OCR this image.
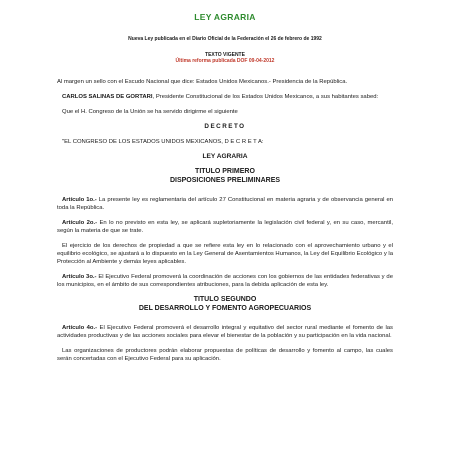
LEY AGRARIA
Nueva Ley publicada en el Diario Oficial de la Federación el 26 de febrero de 1992
TEXTO VIGENTE
Última reforma publicada DOF 09-04-2012

Al margen un sello con el Escudo Nacional que dice: Estados Unidos Mexicanos.- Presidencia de la República.

CARLOS SALINAS DE GORTARI, Presidente Constitucional de los Estados Unidos Mexicanos, a sus habitantes sabed:

Que el H. Congreso de la Unión se ha servido dirigirme el siguiente

DECRETO

"EL CONGRESO DE LOS ESTADOS UNIDOS MEXICANOS, D E C R E T A:

LEY AGRARIA
TITULO PRIMERO
DISPOSICIONES PRELIMINARES

Artículo 1o.- La presente ley es reglamentaria del artículo 27 Constitucional en materia agraria y de observancia general en toda la República.

Artículo 2o.- En lo no previsto en esta ley, se aplicará supletoriamente la legislación civil federal y, en su caso, mercantil, según la materia de que se trate.

El ejercicio de los derechos de propiedad a que se refiere esta ley en lo relacionado con el aprovechamiento urbano y el equilibrio ecológico, se ajustará a lo dispuesto en la Ley General de Asentamientos Humanos, la Ley del Equilibrio Ecológico y la Protección al Ambiente y demás leyes aplicables.

Artículo 3o.- El Ejecutivo Federal promoverá la coordinación de acciones con los gobiernos de las entidades federativas y de los municipios, en el ámbito de sus correspondientes atribuciones, para la debida aplicación de esta ley.

TITULO SEGUNDO
DEL DESARROLLO Y FOMENTO AGROPECUARIOS

Artículo 4o.- El Ejecutivo Federal promoverá el desarrollo integral y equitativo del sector rural mediante el fomento de las actividades productivas y de las acciones sociales para elevar el bienestar de la población y su participación en la vida nacional.

Las organizaciones de productores podrán elaborar propuestas de políticas de desarrollo y fomento al campo, las cuales serán concertadas con el Ejecutivo Federal para su aplicación.
